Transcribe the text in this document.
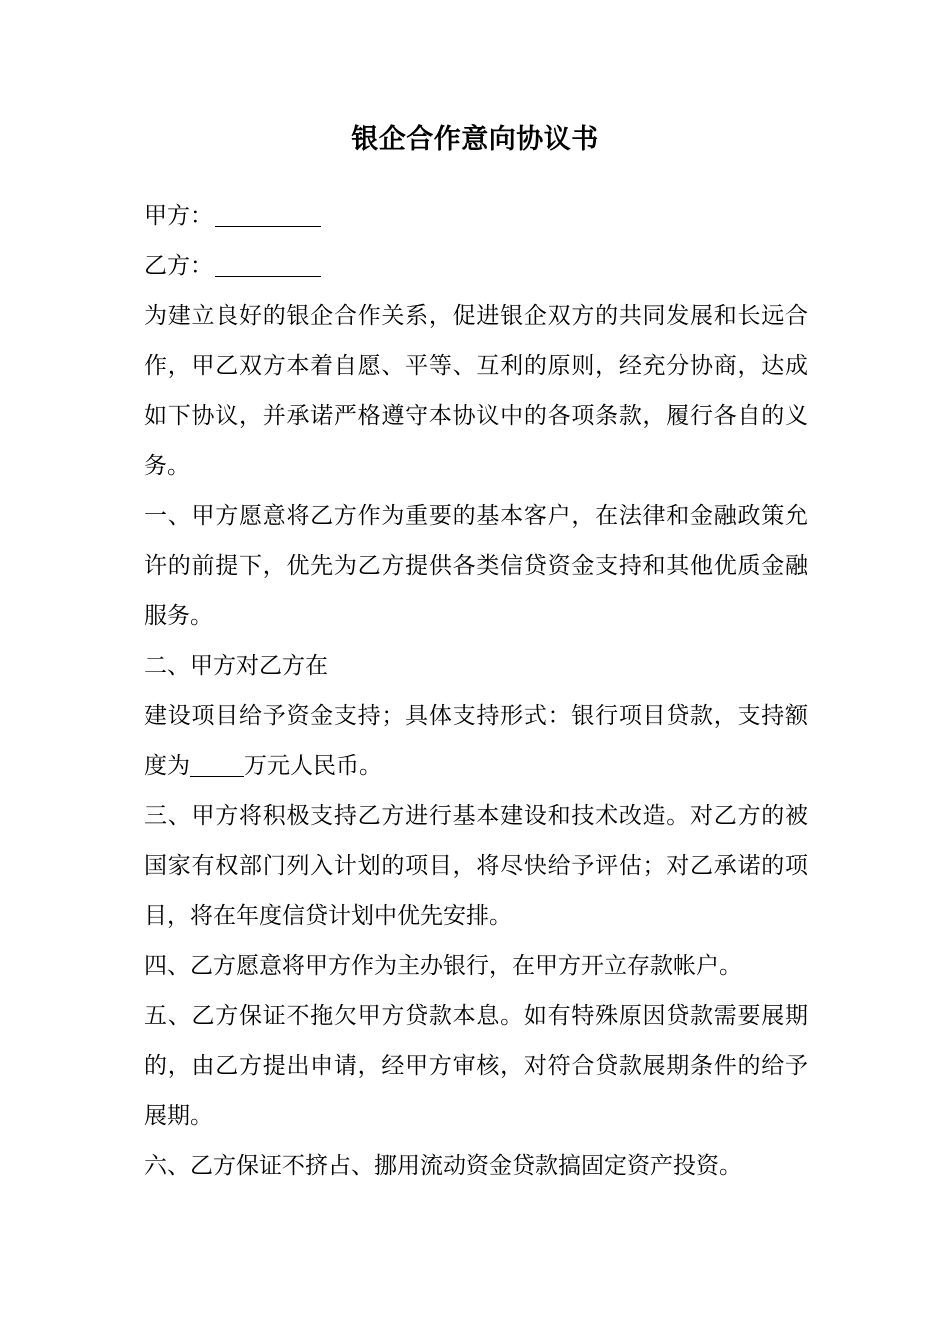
银企合作意向协议书

甲方：

乙方：

为建立良好的银企合作关系，促进银企双方的共同发展和长远合作，甲乙双方本着自愿、平等、互利的原则，经充分协商，达成如下协议，并承诺严格遵守本协议中的各项条款，履行各自的义务。

一、甲方愿意将乙方作为重要的基本客户，在法律和金融政策允许的前提下，优先为乙方提供各类信贷资金支持和其他优质金融服务。

二、甲方对乙方在

建设项目给予资金支持；具体支持形式：银行项目贷款，支持额度为 万元人民币。

三、甲方将积极支持乙方进行基本建设和技术改造。对乙方的被国家有权部门列入计划的项目，将尽快给予评估；对乙承诺的项目，将在年度信贷计划中优先安排。

四、乙方愿意将甲方作为主办银行，在甲方开立存款帐户。

五、乙方保证不拖欠甲方贷款本息。如有特殊原因贷款需要展期的，由乙方提出申请，经甲方审核，对符合贷款展期条件的给予展期。

六、乙方保证不挤占、挪用流动资金贷款搞固定资产投资。
